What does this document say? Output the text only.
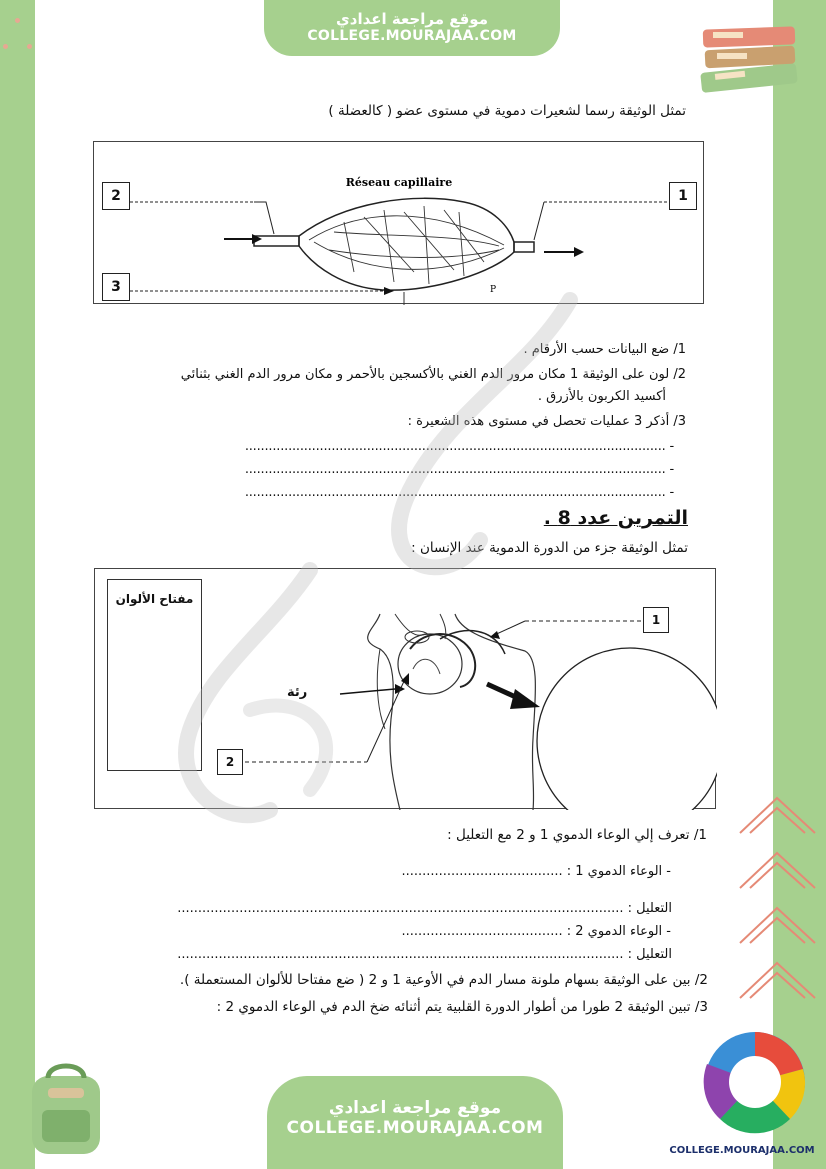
موقع مراجعة اعدادي
COLLEGE.MOURAJAA.COM
تمثل الوثيقة رسما لشعيرات دموية في مستوى عضو ( كالعضلة )
Réseau capillaire
P
2	1
3
1/ ضع البيانات حسب الأرقام .
2/ لون على الوثيقة 1 مكان مرور الدم الغني بالأكسجين بالأحمر و مكان مرور الدم الغني بثنائي
أكسيد الكربون بالأزرق .
3/ أذكر 3 عمليات تحصل في مستوى هذه الشعيرة :
- ...........................................................................................................
- ...........................................................................................................
- ...........................................................................................................
التمرين عدد 8 .
تمثل الوثيقة جزء من الدورة الدموية عند الإنسان :
مفتاح الألوان
1
2
رئة
1/ تعرف إلي الوعاء الدموي 1 و 2 مع التعليل :
- الوعاء الدموي 1 : .......................................
التعليل : ............................................................................................................
- الوعاء الدموي 2 : .......................................
التعليل : ............................................................................................................
2/ بين على الوثيقة بسهام ملونة مسار الدم في الأوعية 1 و 2 ( ضع مفتاحا للألوان المستعملة ).
3/ تبين الوثيقة 2 طورا من أطوار الدورة القلبية يتم أثنائه ضخ الدم في الوعاء الدموي 2 :
موقع مراجعة اعدادي
COLLEGE.MOURAJAA.COM
COLLEGE.MOURAJAA.COM
